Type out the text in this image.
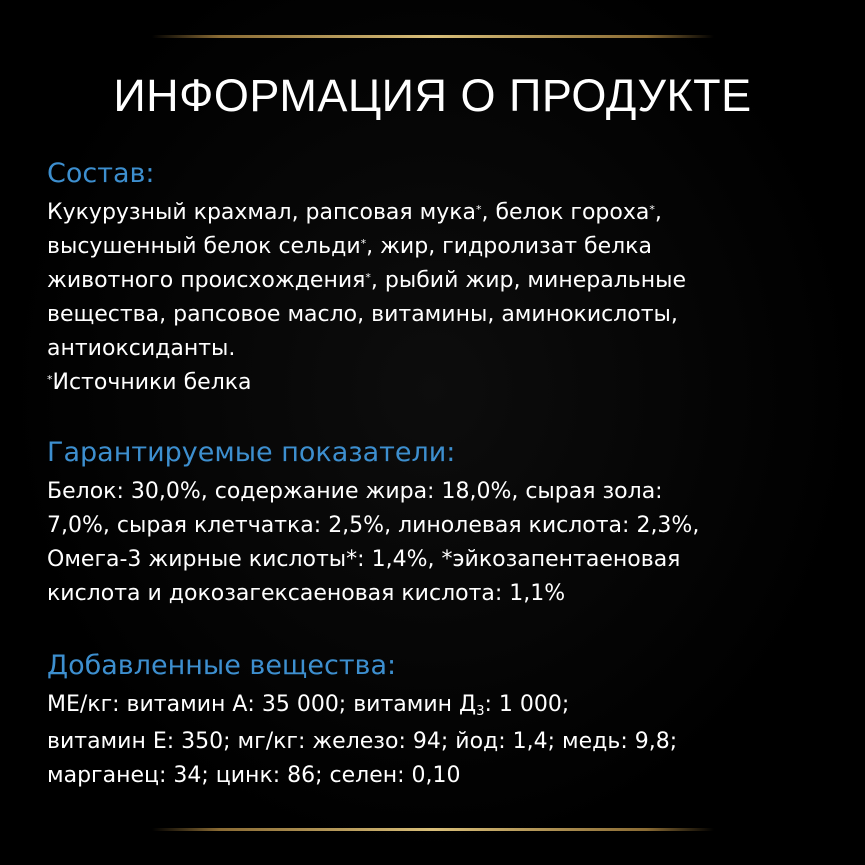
ИНФОРМАЦИЯ О ПРОДУКТЕ
Состав:

Кукурузный крахмал, рапсовая мука*, белок гороха*,
высушенный белок сельди*, жир, гидролизат белка
животного происхождения*, рыбий жир, минеральные
вещества, рапсовое масло, витамины, аминокислоты,
антиоксиданты.
*Источники белка

Гарантируемые показатели:

Белок: 30,0%, содержание жира: 18,0%, сырая зола:
7,0%, сырая клетчатка: 2,5%, линолевая кислота: 2,3%,
Омега-3 жирные кислоты*: 1,4%, *эйкозапентаеновая
кислота и докозагексаеновая кислота: 1,1%

Добавленные вещества:

МЕ/кг: витамин А: 35 000; витамин $Д_3$: 1 000;
витамин Е: 350; мг/кг: железо: 94; йод: 1,4; медь: 9,8;
марганец: 34; цинк: 86; селен: 0,10
